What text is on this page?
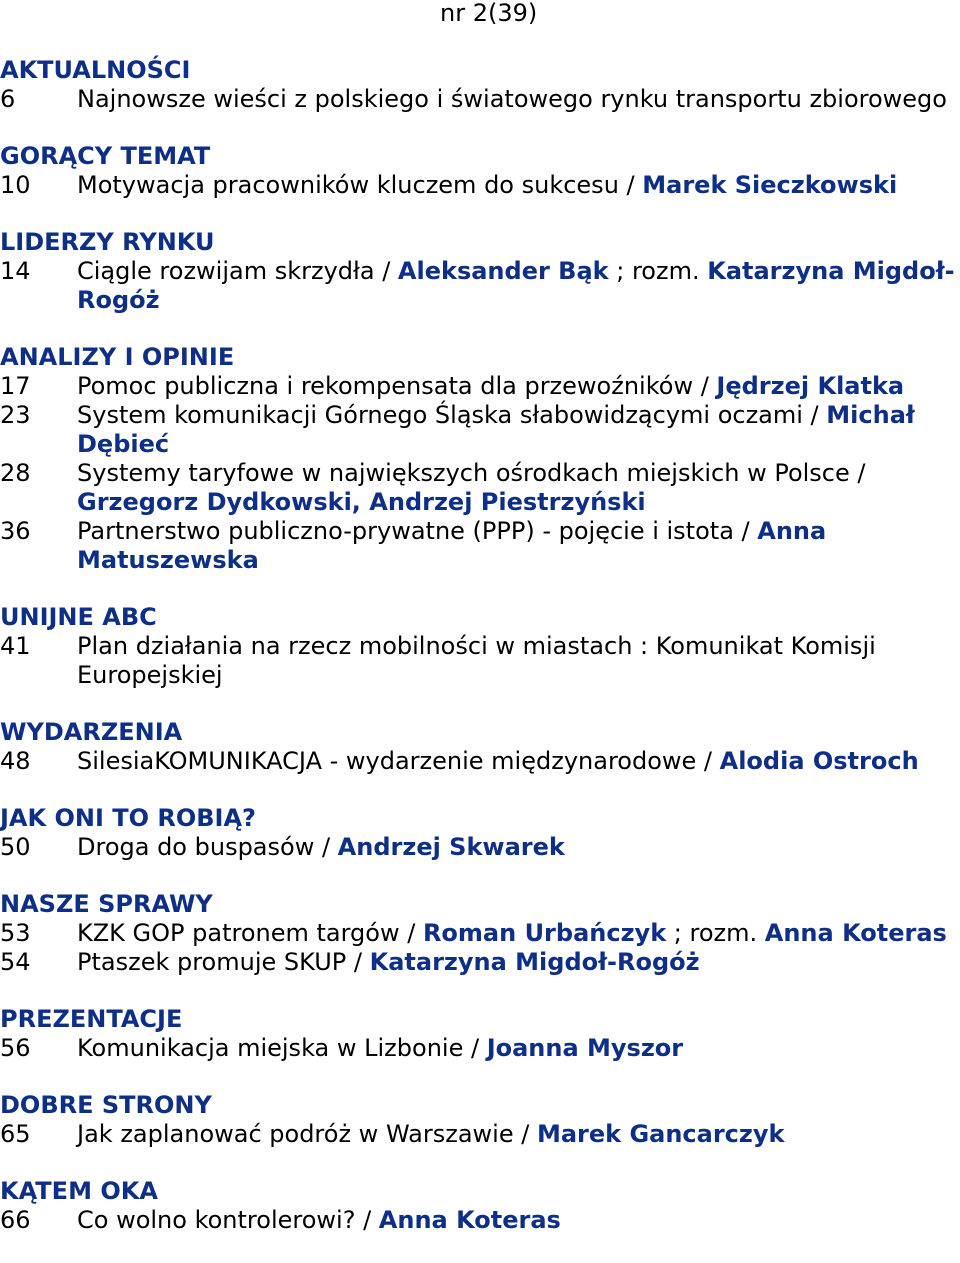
nr 2(39)
AKTUALNOŚCI
6	Najnowsze wieści z polskiego i światowego rynku transportu zbiorowego
GORĄCY TEMAT
10	Motywacja pracowników kluczem do sukcesu / Marek Sieczkowski
LIDERZY RYNKU
14	Ciągle rozwijam skrzydła / Aleksander Bąk ; rozm. Katarzyna Migdoł-Rogóż
ANALIZY I OPINIE
17	Pomoc publiczna i rekompensata dla przewoźników / Jędrzej Klatka
23	System komunikacji Górnego Śląska słabowidzącymi oczami / Michał Dębieć
28	Systemy taryfowe w największych ośrodkach miejskich w Polsce / Grzegorz Dydkowski, Andrzej Piestrzyński
36	Partnerstwo publiczno-prywatne (PPP) - pojęcie i istota / Anna Matuszewska
UNIJNE ABC
41	Plan działania na rzecz mobilności w miastach : Komunikat Komisji Europejskiej
WYDARZENIA
48	SilesiaKOMUNIKACJA - wydarzenie międzynarodowe / Alodia Ostroch
JAK ONI TO ROBIĄ?
50	Droga do buspasów / Andrzej Skwarek
NASZE SPRAWY
53	KZK GOP patronem targów / Roman Urbańczyk ; rozm. Anna Koteras
54	Ptaszek promuje SKUP / Katarzyna Migdoł-Rogóż
PREZENTACJE
56	Komunikacja miejska w Lizbonie / Joanna Myszor
DOBRE STRONY
65	Jak zaplanować podróż w Warszawie / Marek Gancarczyk
KĄTEM OKA
66	Co wolno kontrolerowi? / Anna Koteras
